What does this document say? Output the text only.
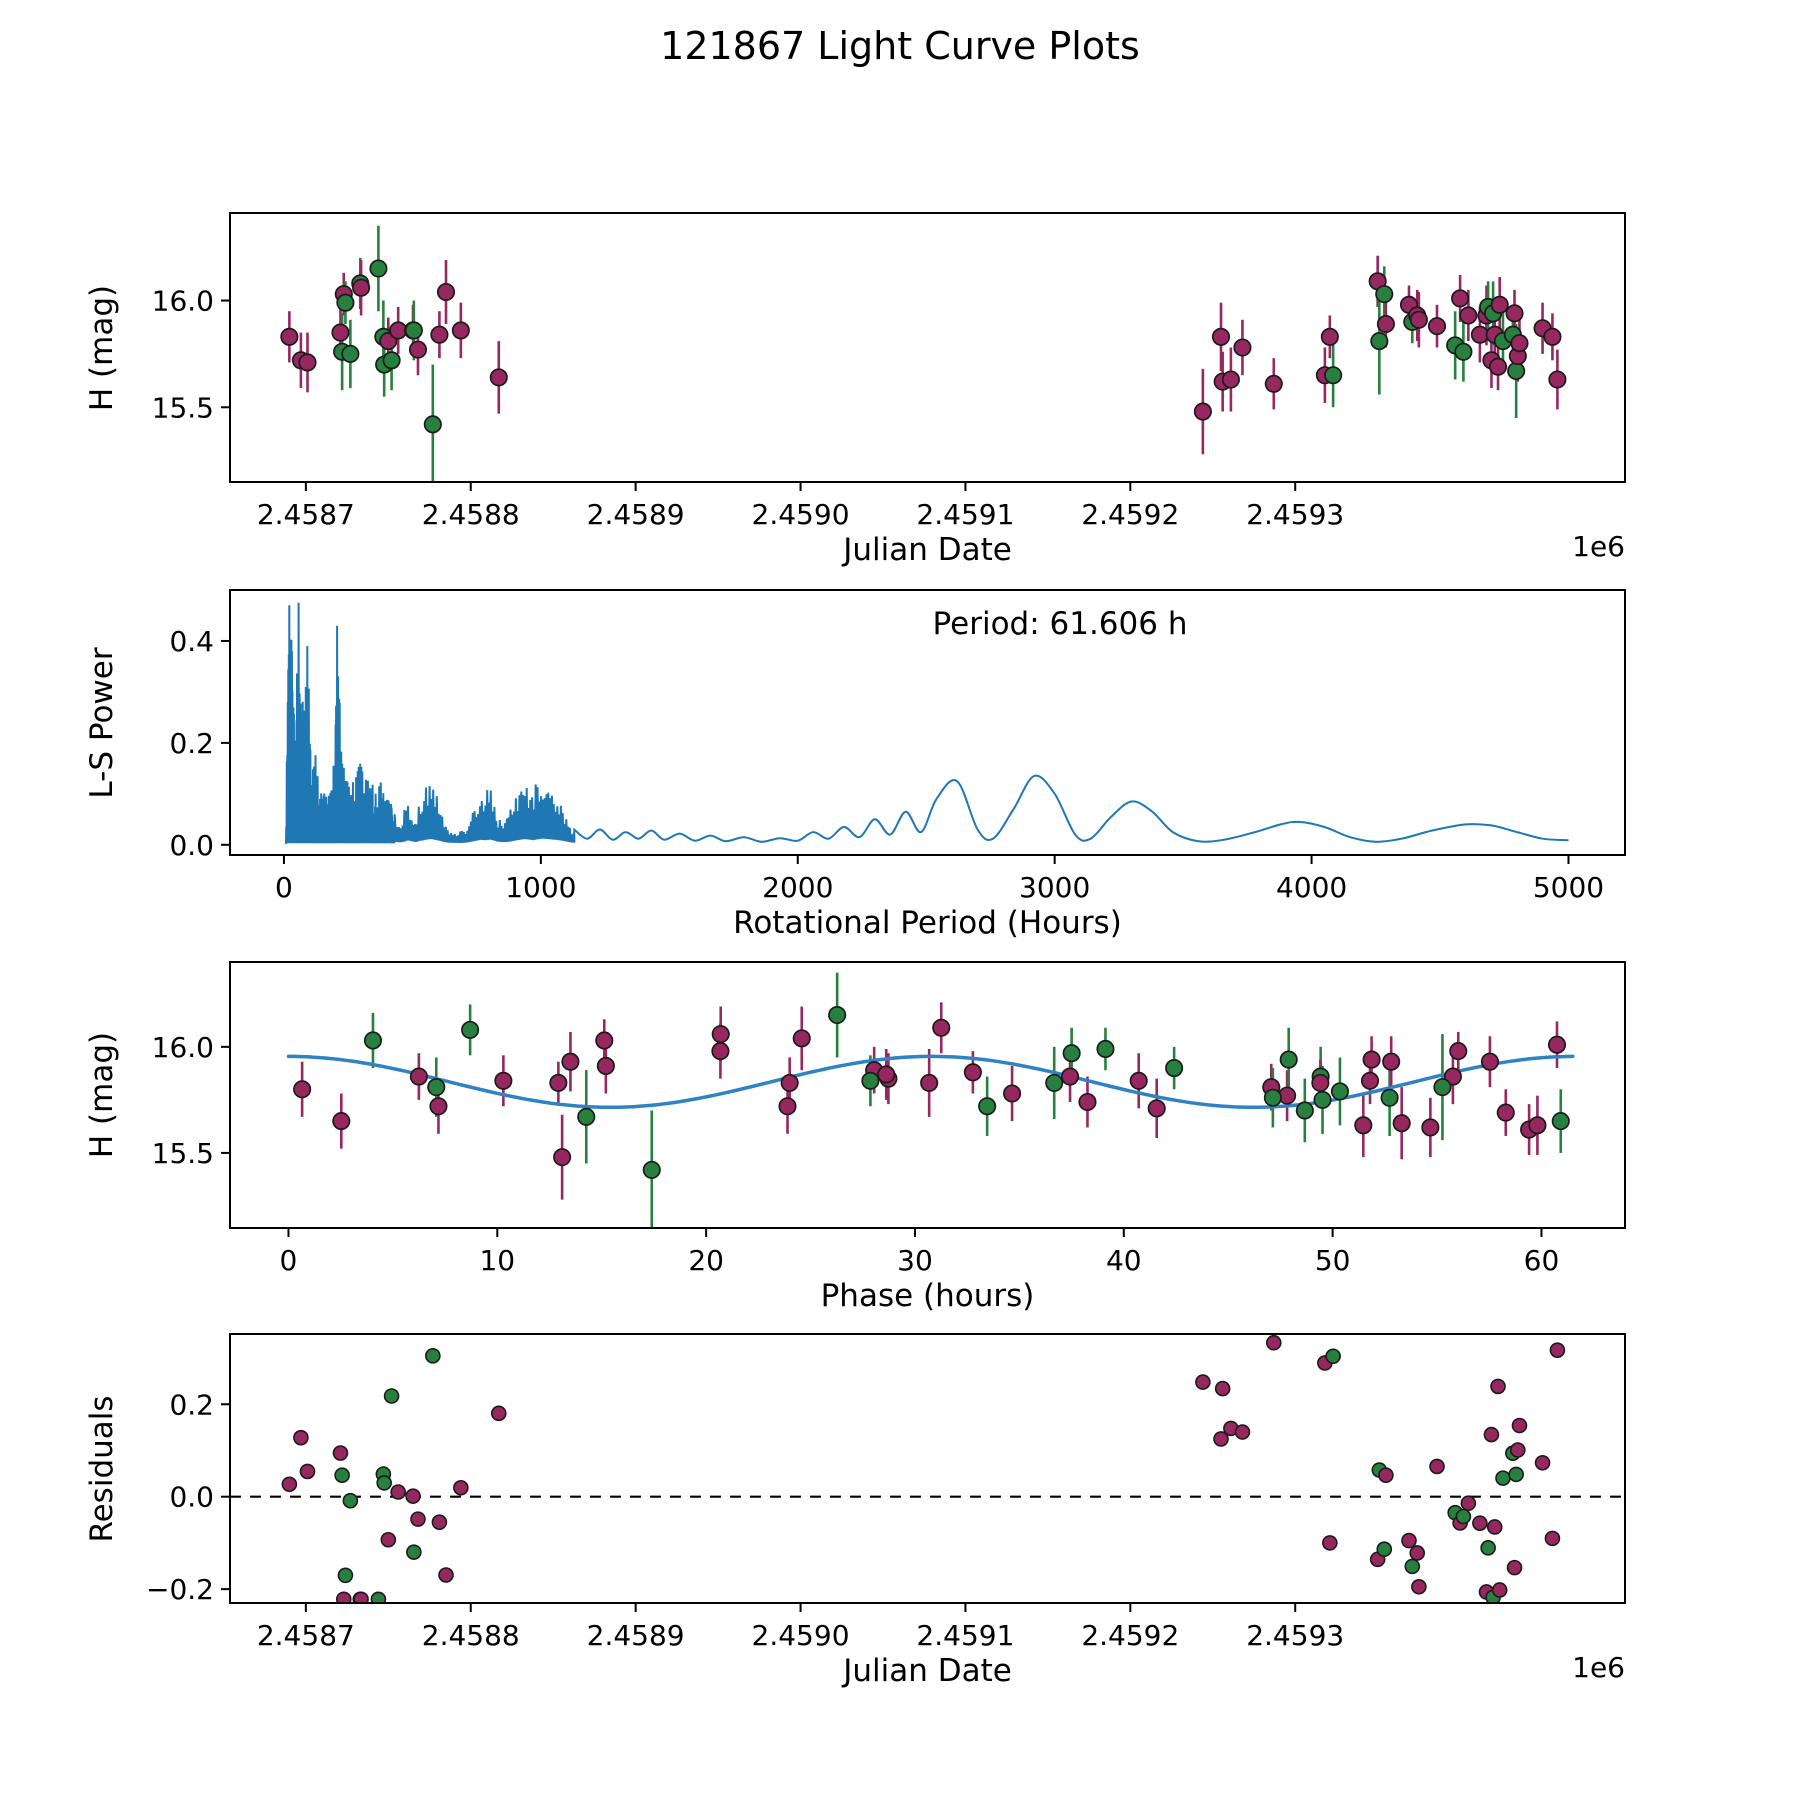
121867 Light Curve Plots
2.4587 2.4588 2.4589 2.4590 2.4591 2.4592 2.4593
15.5
16.0
H (mag)
Julian Date	1e6
0	1000	2000	3000	4000	5000
0.0
0.2
0.4
L-S Power
Rotational Period (Hours)
Period: 61.606 h
0	10	20	30	40	50	60
15.5
16.0
H (mag)
Phase (hours)
2.4587 2.4588 2.4589 2.4590 2.4591 2.4592 2.4593
−0.2
0.0
0.2
Residuals
Julian Date	1e6
